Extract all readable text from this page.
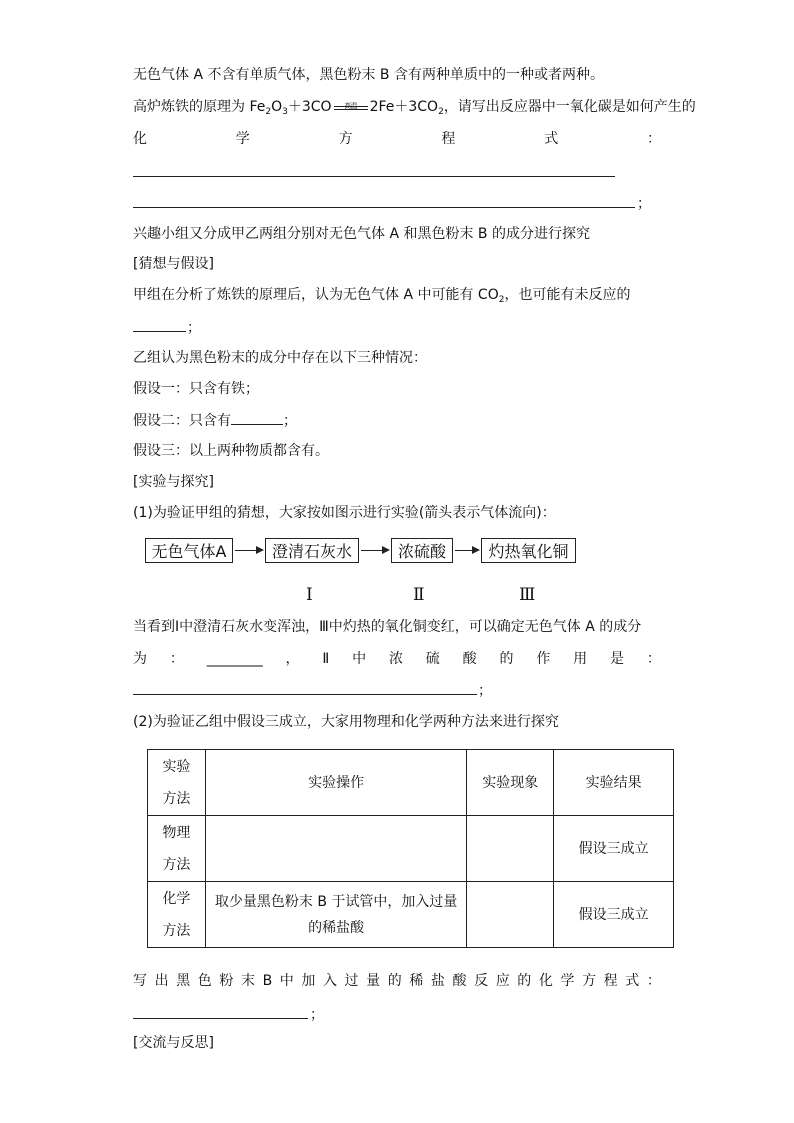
无色气体 A 不含有单质气体，黑色粉末 B 含有两种单质中的一种或者两种。
高炉炼铁的原理为 $Fe_2O_3+3CO$	高温 $2Fe+3CO_2$，请写出反应器中一氧化碳是如何产生的
化	学	方	程	式	：
；
兴趣小组又分成甲乙两组分别对无色气体 A 和黑色粉末 B 的成分进行探究
[猜想与假设]
甲组在分析了炼铁的原理后，认为无色气体 A 中可能有 $CO_2$，也可能有未反应的
；
乙组认为黑色粉末的成分中存在以下三种情况：
假设一：只含有铁；
假设二：只含有	；
假设三：以上两种物质都含有。
[实验与探究]
(1)为验证甲组的猜想，大家按如图示进行实验(箭头表示气体流向)：
无色气体A	澄清石灰水	浓硫酸	灼热氧化铜
Ⅰ	Ⅱ	Ⅲ
当看到Ⅰ中澄清石灰水变浑浊，Ⅲ中灼热的氧化铜变红，可以确定无色气体 A 的成分
为 ： ________ ， Ⅱ 中 浓 硫 酸 的 作 用 是 ：
；
(2)为验证乙组中假设三成立，大家用物理和化学两种方法来进行探究
实验
方法	实验操作	实验现象	实验结果
物理
方法			假设三成立
化学
方法	取少量黑色粉末 B 于试管中，加入过量
的稀盐酸		假设三成立
写 出 黑 色 粉 末 B 中 加 入 过 量 的 稀 盐 酸 反 应 的 化 学 方 程 式 ：
；
[交流与反思]
